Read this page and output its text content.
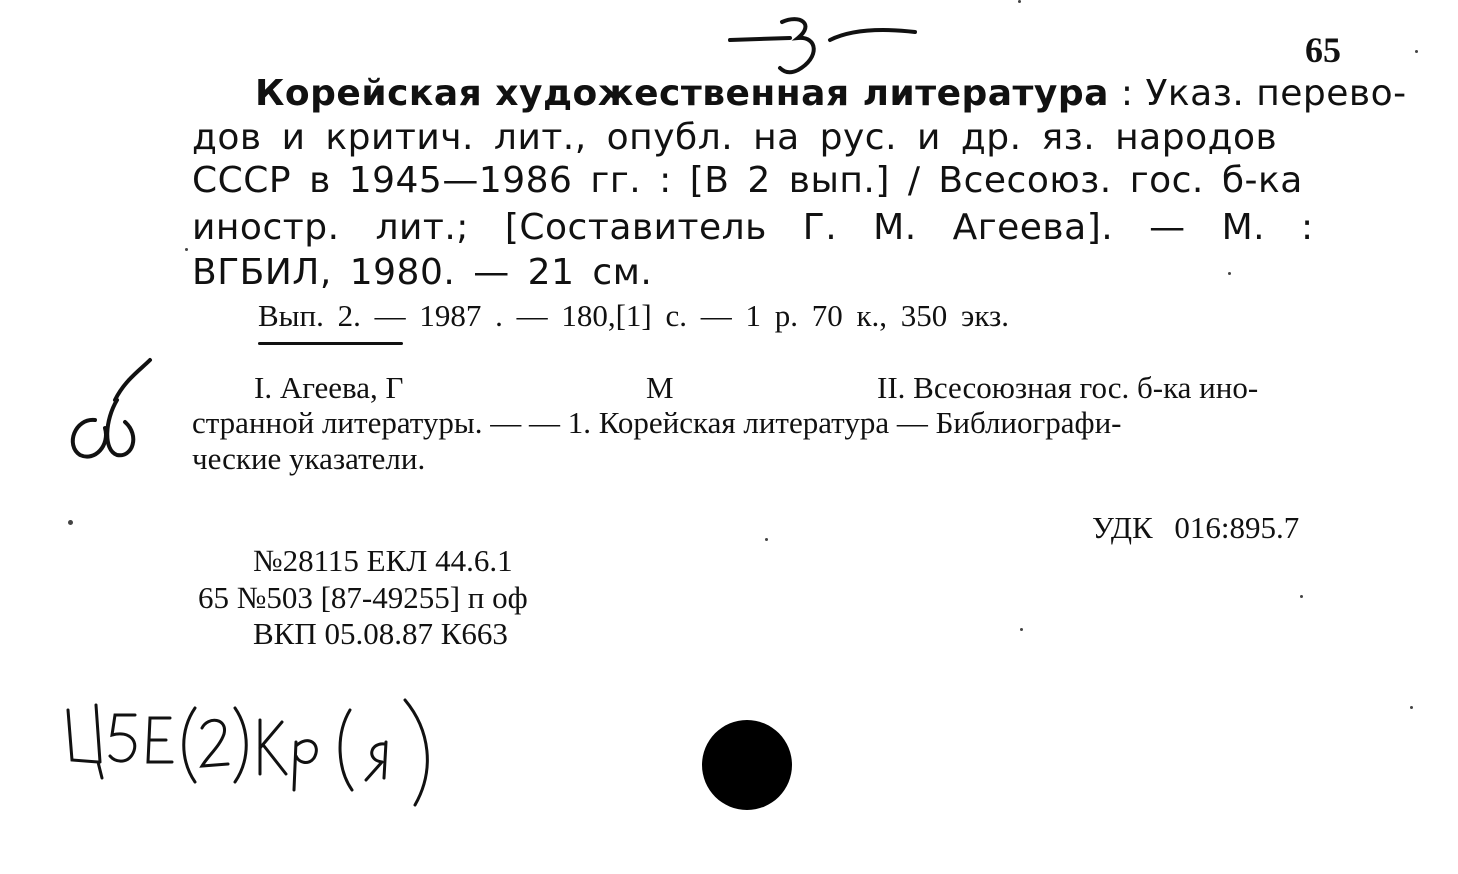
65
Корейская художественная литература : Указ. перево-
дов и критич. лит., опубл. на рус. и др. яз. народов
СССР в 1945—1986 гг. : [В 2 вып.] / Всесоюз. гос. б-ка
иностр. лит.; [Составитель Г. М. Агеева]. — М. :
ВГБИЛ, 1980. — 21 см.
Вып. 2. — 1987 . — 180,[1] с. — 1 р. 70 к., 350 экз.
I. Агеева, Г	М	II. Всесоюзная гос. б-ка ино-
странной литературы. — — 1. Корейская литература — Библиографи-
ческие указатели.
УДК 016:895.7
№28115 ЕКЛ 44.6.1
65 №503 [87-49255] п оф
ВКП 05.08.87 К663
